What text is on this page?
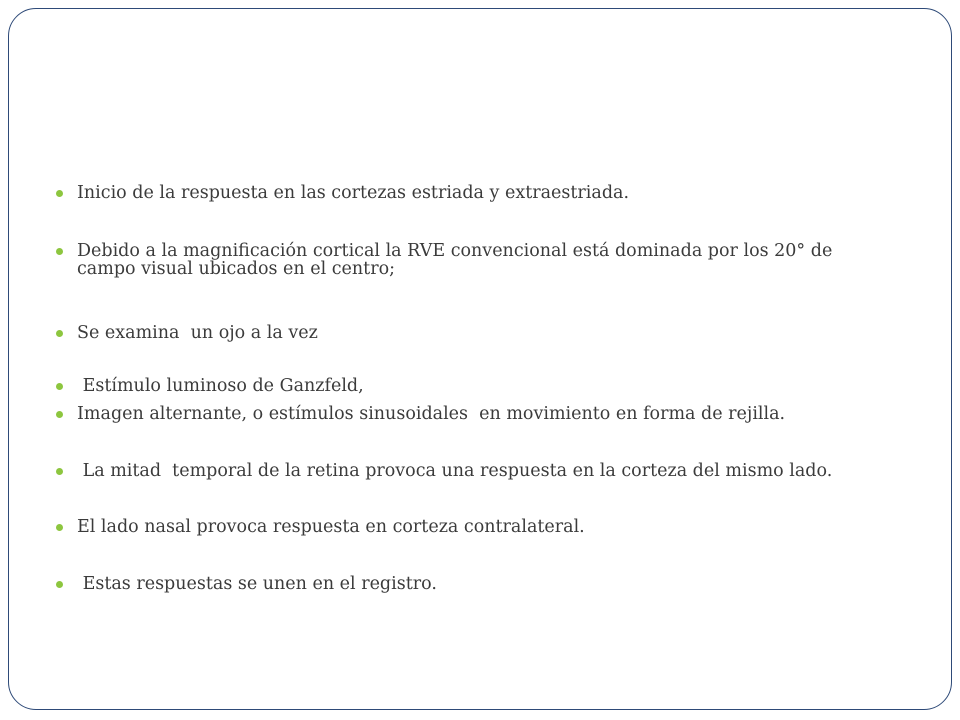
Inicio de la respuesta en las cortezas estriada y extraestriada.
Debido a la magnificación cortical la RVE convencional está dominada por los 20° de campo visual ubicados en el centro;
Se examina  un ojo a la vez
Estímulo luminoso de Ganzfeld,
Imagen alternante, o estímulos sinusoidales  en movimiento en forma de rejilla.
La mitad  temporal de la retina provoca una respuesta en la corteza del mismo lado.
El lado nasal provoca respuesta en corteza contralateral.
Estas respuestas se unen en el registro.
